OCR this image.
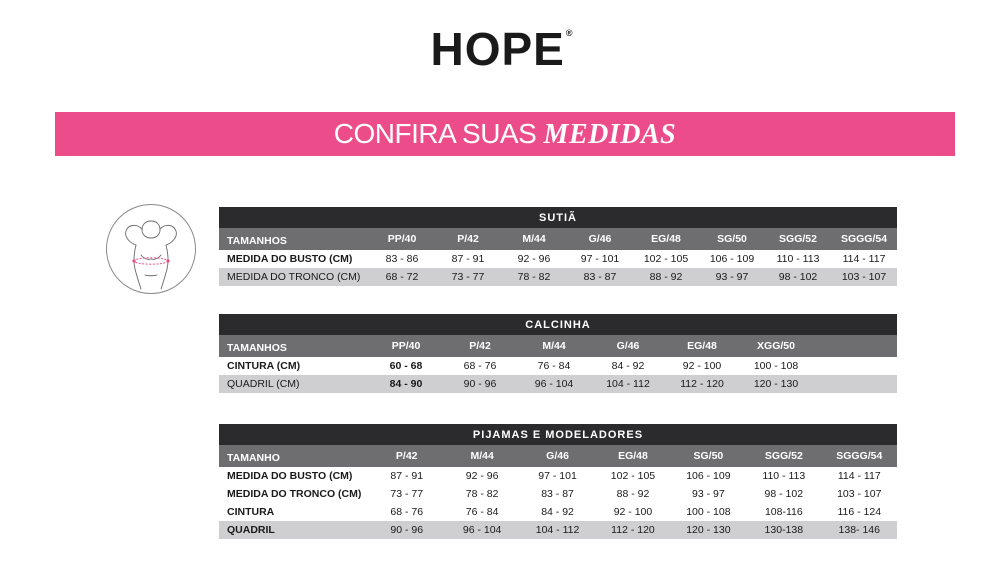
HOPE®
CONFIRA SUAS MEDIDAS
SUTIÃ								
TAMANHOS	PP/40	P/42	M/44	G/46	EG/48	SG/50	SGG/52	SGGG/54
MEDIDA DO BUSTO (CM)	83 - 86	87 - 91	92 - 96	97 - 101	102 - 105	106 - 109	110 - 113	114 - 117
MEDIDA DO TRONCO (CM)	68 - 72	73 - 77	78 - 82	83 - 87	88 - 92	93 - 97	98 - 102	103 - 107
CALCINHA							
TAMANHOS	PP/40	P/42	M/44	G/46	EG/48	XGG/50	
CINTURA (CM)	60 - 68	68 - 76	76 - 84	84 - 92	92 - 100	100 - 108	
QUADRIL (CM)	84 - 90	90 - 96	96 - 104	104 - 112	112 - 120	120 - 130	
PIJAMAS E MODELADORES							
TAMANHO	P/42	M/44	G/46	EG/48	SG/50	SGG/52	SGGG/54
MEDIDA DO BUSTO (CM)	87 - 91	92 - 96	97 - 101	102 - 105	106 - 109	110 - 113	114 - 117
MEDIDA DO TRONCO (CM)	73 - 77	78 - 82	83 - 87	88 - 92	93 - 97	98 - 102	103 - 107
CINTURA	68 - 76	76 - 84	84 - 92	92 - 100	100 - 108	108-116	116 - 124
QUADRIL	90 - 96	96 - 104	104 - 112	112 - 120	120 - 130	130-138	138- 146
